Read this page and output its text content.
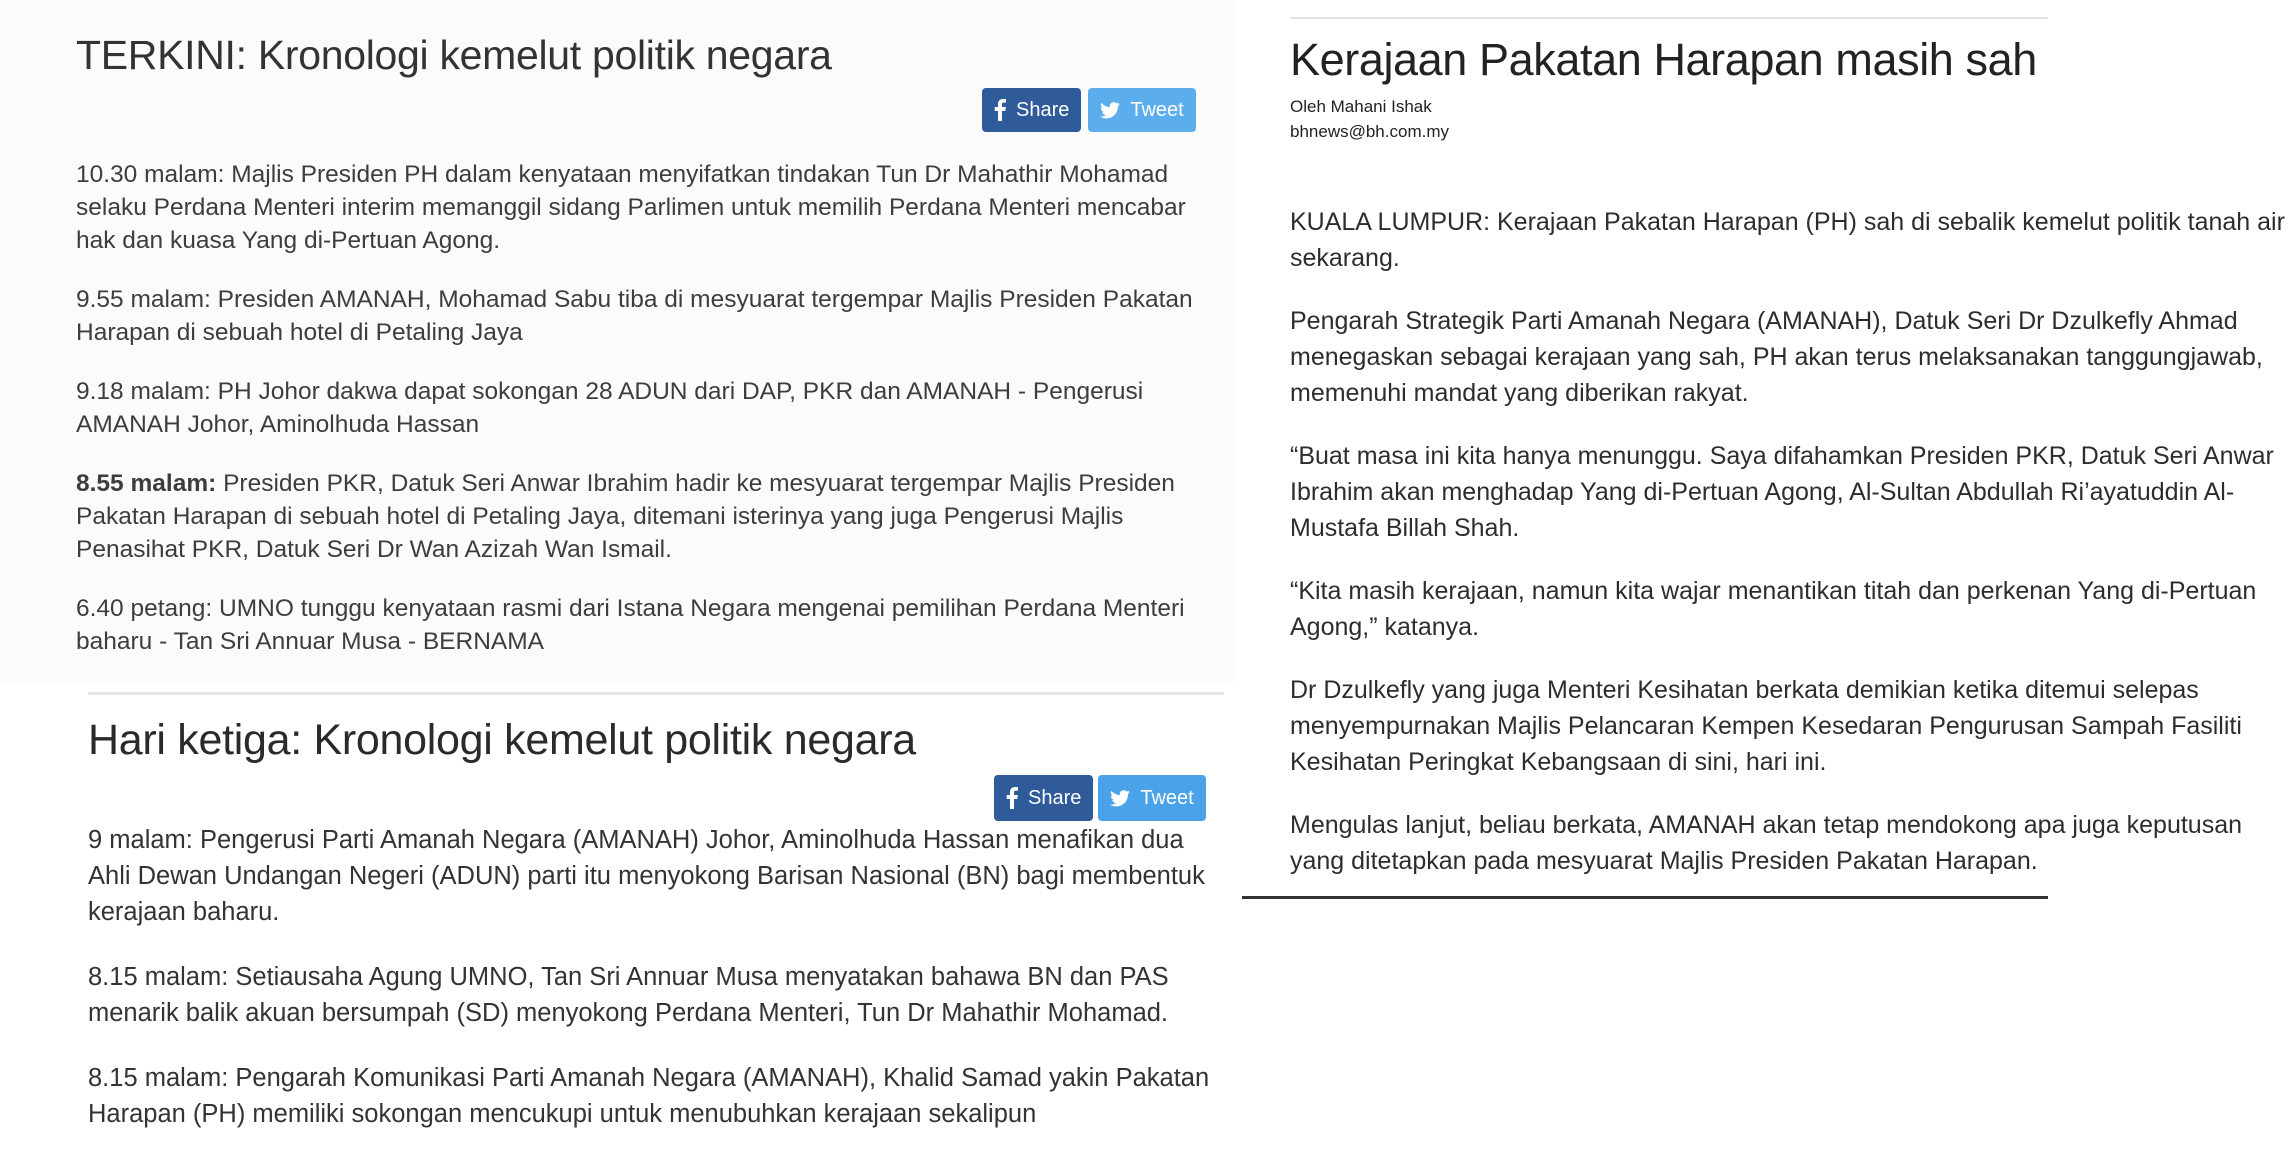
TERKINI: Kronologi kemelut politik negara
Share	Tweet

10.30 malam: Majlis Presiden PH dalam kenyataan menyifatkan tindakan Tun Dr Mahathir Mohamad selaku Perdana Menteri interim memanggil sidang Parlimen untuk memilih Perdana Menteri mencabar hak dan kuasa Yang di-Pertuan Agong.

9.55 malam: Presiden AMANAH, Mohamad Sabu tiba di mesyuarat tergempar Majlis Presiden Pakatan Harapan di sebuah hotel di Petaling Jaya

9.18 malam: PH Johor dakwa dapat sokongan 28 ADUN dari DAP, PKR dan AMANAH - Pengerusi AMANAH Johor, Aminolhuda Hassan

8.55 malam: Presiden PKR, Datuk Seri Anwar Ibrahim hadir ke mesyuarat tergempar Majlis Presiden Pakatan Harapan di sebuah hotel di Petaling Jaya, ditemani isterinya yang juga Pengerusi Majlis Penasihat PKR, Datuk Seri Dr Wan Azizah Wan Ismail.

6.40 petang: UMNO tunggu kenyataan rasmi dari Istana Negara mengenai pemilihan Perdana Menteri baharu - Tan Sri Annuar Musa - BERNAMA

Hari ketiga: Kronologi kemelut politik negara
Share	Tweet

9 malam: Pengerusi Parti Amanah Negara (AMANAH) Johor, Aminolhuda Hassan menafikan dua Ahli Dewan Undangan Negeri (ADUN) parti itu menyokong Barisan Nasional (BN) bagi membentuk kerajaan baharu.

8.15 malam: Setiausaha Agung UMNO, Tan Sri Annuar Musa menyatakan bahawa BN dan PAS menarik balik akuan bersumpah (SD) menyokong Perdana Menteri, Tun Dr Mahathir Mohamad.

8.15 malam: Pengarah Komunikasi Parti Amanah Negara (AMANAH), Khalid Samad yakin Pakatan Harapan (PH) memiliki sokongan mencukupi untuk menubuhkan kerajaan sekalipun

Kerajaan Pakatan Harapan masih sah
Oleh Mahani Ishak
bhnews@bh.com.my

KUALA LUMPUR: Kerajaan Pakatan Harapan (PH) sah di sebalik kemelut politik tanah air sekarang.

Pengarah Strategik Parti Amanah Negara (AMANAH), Datuk Seri Dr Dzulkefly Ahmad menegaskan sebagai kerajaan yang sah, PH akan terus melaksanakan tanggungjawab, memenuhi mandat yang diberikan rakyat.

“Buat masa ini kita hanya menunggu. Saya difahamkan Presiden PKR, Datuk Seri Anwar Ibrahim akan menghadap Yang di-Pertuan Agong, Al-Sultan Abdullah Ri’ayatuddin Al-Mustafa Billah Shah.

“Kita masih kerajaan, namun kita wajar menantikan titah dan perkenan Yang di-Pertuan Agong,” katanya.

Dr Dzulkefly yang juga Menteri Kesihatan berkata demikian ketika ditemui selepas menyempurnakan Majlis Pelancaran Kempen Kesedaran Pengurusan Sampah Fasiliti Kesihatan Peringkat Kebangsaan di sini, hari ini.

Mengulas lanjut, beliau berkata, AMANAH akan tetap mendokong apa juga keputusan yang ditetapkan pada mesyuarat Majlis Presiden Pakatan Harapan.
